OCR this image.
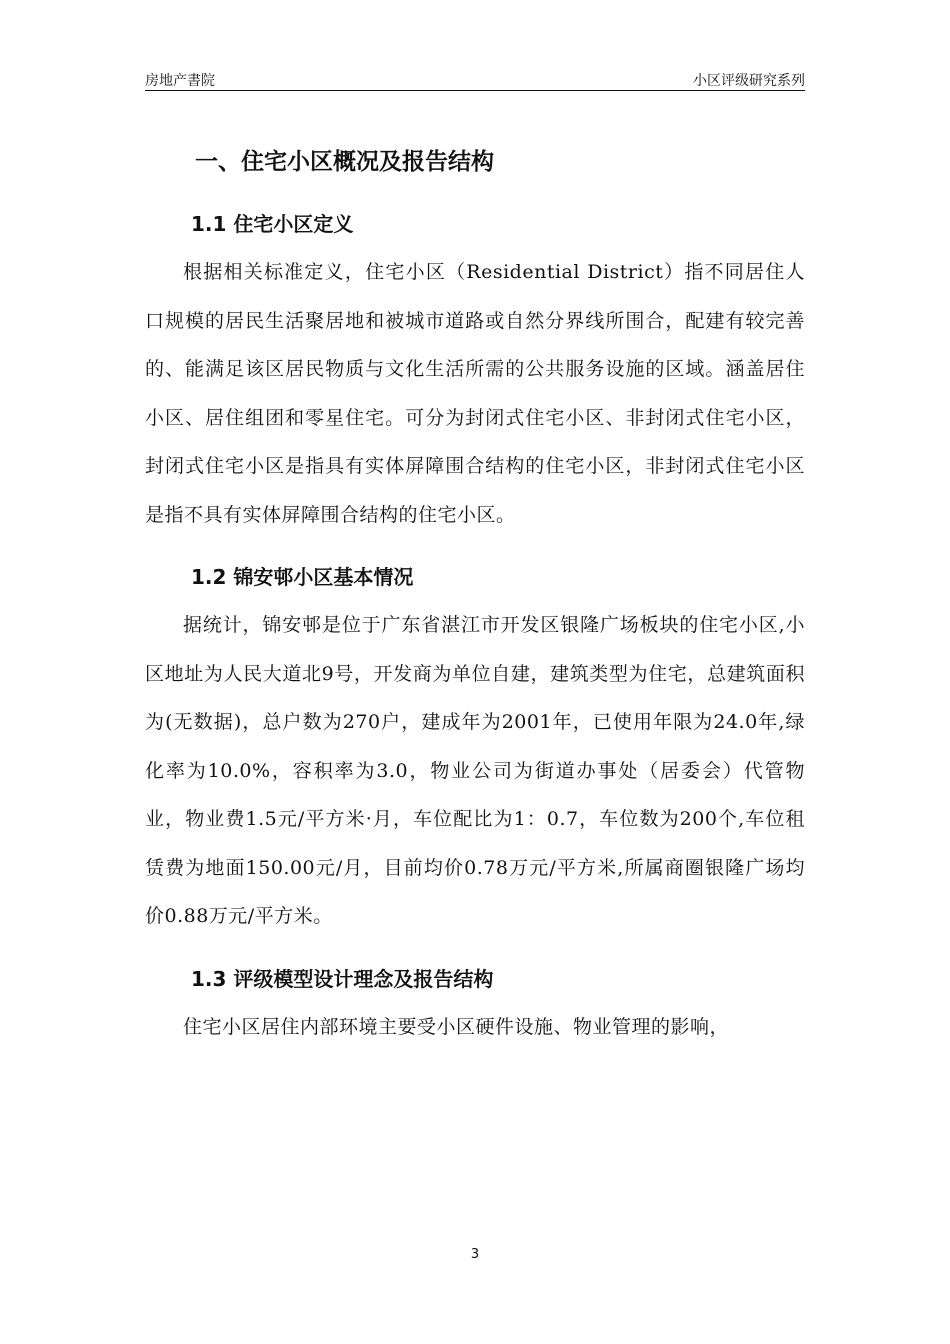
房地产書院	小区评级研究系列
一、住宅小区概况及报告结构
1.1 住宅小区定义

根据相关标准定义，住宅小区（Residential District）指不同居住人口规模的居民生活聚居地和被城市道路或自然分界线所围合，配建有较完善的、能满足该区居民物质与文化生活所需的公共服务设施的区域。涵盖居住小区、居住组团和零星住宅。可分为封闭式住宅小区、非封闭式住宅小区，封闭式住宅小区是指具有实体屏障围合结构的住宅小区，非封闭式住宅小区是指不具有实体屏障围合结构的住宅小区。

1.2 锦安邨小区基本情况

据统计，锦安邨是位于广东省湛江市开发区银隆广场板块的住宅小区,小区地址为人民大道北9号，开发商为单位自建，建筑类型为住宅，总建筑面积为(无数据)，总户数为270户，建成年为2001年，已使用年限为24.0年,绿化率为10.0%，容积率为3.0，物业公司为街道办事处（居委会）代管物业，物业费1.5元/平方米·月，车位配比为1：0.7，车位数为200个,车位租赁费为地面150.00元/月，目前均价0.78万元/平方米,所属商圈银隆广场均价0.88万元/平方米。

1.3 评级模型设计理念及报告结构

住宅小区居住内部环境主要受小区硬件设施、物业管理的影响，

3
